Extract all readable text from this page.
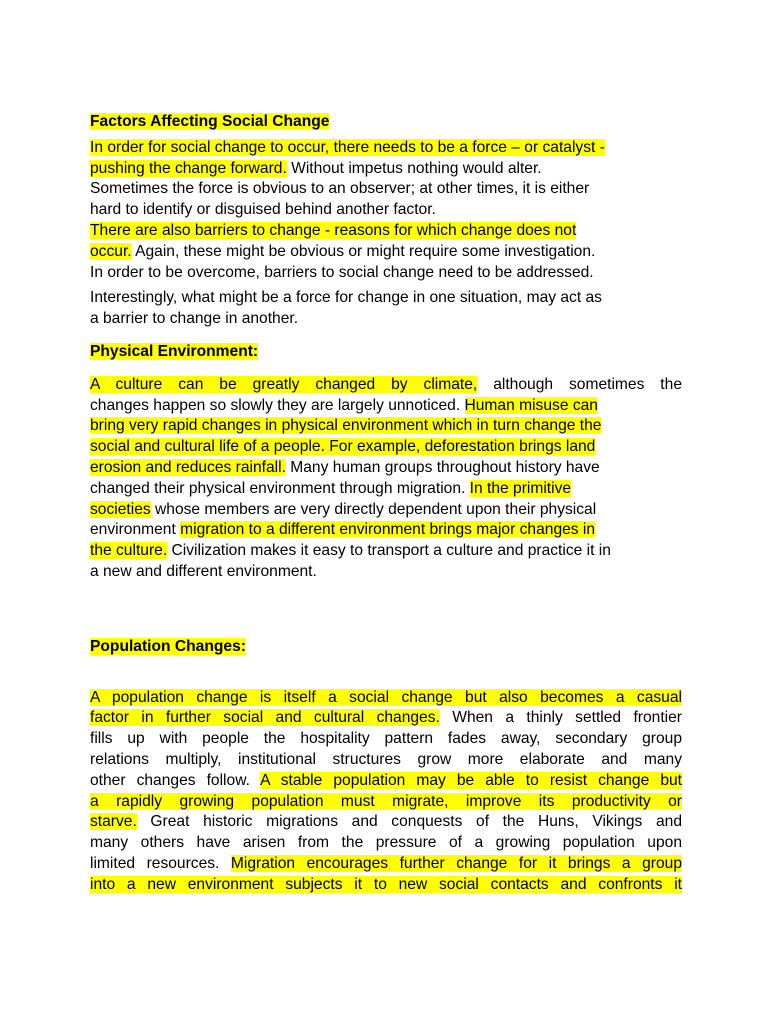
Factors Affecting Social Change
In order for social change to occur, there needs to be a force – or catalyst -
pushing the change forward. Without impetus nothing would alter.
Sometimes the force is obvious to an observer; at other times, it is either
hard to identify or disguised behind another factor.
There are also barriers to change - reasons for which change does not
occur. Again, these might be obvious or might require some investigation.
In order to be overcome, barriers to social change need to be addressed.
Interestingly, what might be a force for change in one situation, may act as
a barrier to change in another.
Physical Environment:
A culture can be greatly changed by climate, although sometimes the
changes happen so slowly they are largely unnoticed. Human misuse can
bring very rapid changes in physical environment which in turn change the
social and cultural life of a people. For example, deforestation brings land
erosion and reduces rainfall. Many human groups throughout history have
changed their physical environment through migration. In the primitive
societies whose members are very directly dependent upon their physical
environment migration to a different environment brings major changes in
the culture. Civilization makes it easy to transport a culture and practice it in
a new and different environment.
Population Changes:
A population change is itself a social change but also becomes a casual
factor in further social and cultural changes. When a thinly settled frontier
fills up with people the hospitality pattern fades away, secondary group
relations multiply, institutional structures grow more elaborate and many
other changes follow. A stable population may be able to resist change but
a rapidly growing population must migrate, improve its productivity or
starve. Great historic migrations and conquests of the Huns, Vikings and
many others have arisen from the pressure of a growing population upon
limited resources. Migration encourages further change for it brings a group
into a new environment subjects it to new social contacts and confronts it
